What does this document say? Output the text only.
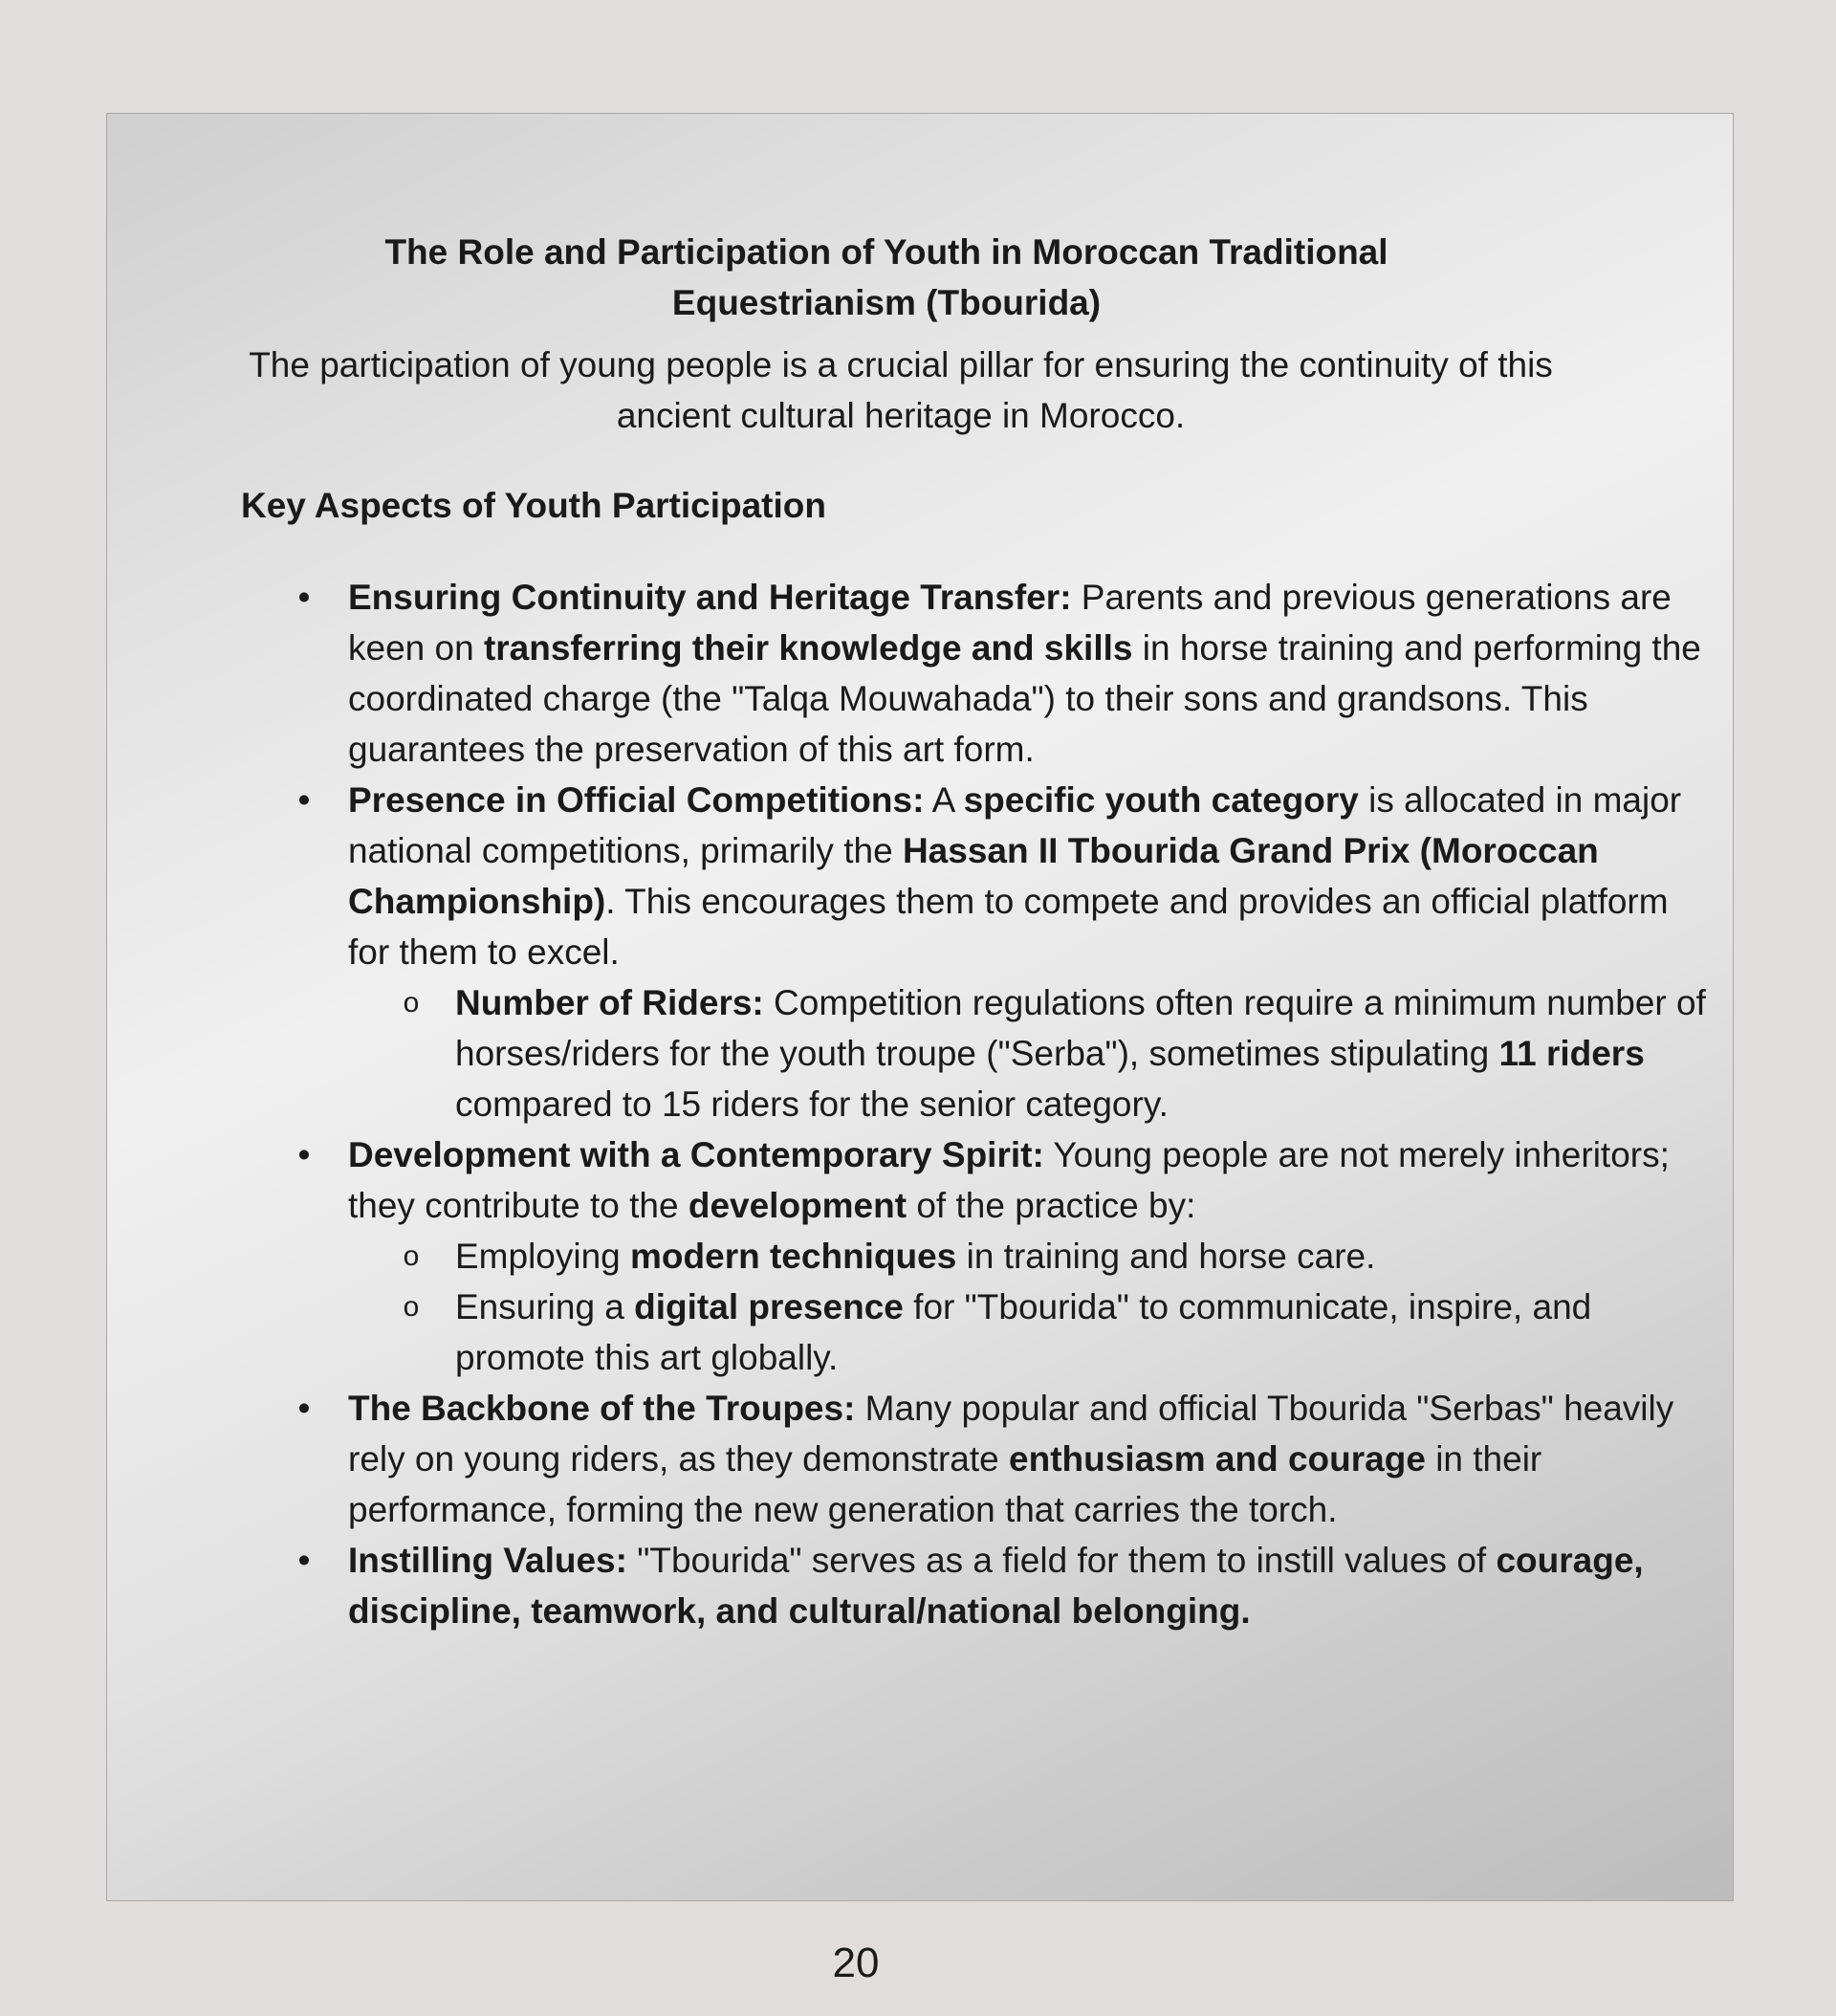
The Role and Participation of Youth in Moroccan Traditional Equestrianism (Tbourida)

The participation of young people is a crucial pillar for ensuring the continuity of this ancient cultural heritage in Morocco.

Key Aspects of Youth Participation
• Ensuring Continuity and Heritage Transfer: Parents and previous generations are keen on transferring their knowledge and skills in horse training and performing the coordinated charge (the "Talqa Mouwahada") to their sons and grandsons. This guarantees the preservation of this art form.
• Presence in Official Competitions: A specific youth category is allocated in major national competitions, primarily the Hassan II Tbourida Grand Prix (Moroccan Championship). This encourages them to compete and provides an official platform for them to excel.
o Number of Riders: Competition regulations often require a minimum number of horses/riders for the youth troupe ("Serba"), sometimes stipulating 11 riders compared to 15 riders for the senior category.
• Development with a Contemporary Spirit: Young people are not merely inheritors; they contribute to the development of the practice by:
o Employing modern techniques in training and horse care.
o Ensuring a digital presence for "Tbourida" to communicate, inspire, and promote this art globally.
• The Backbone of the Troupes: Many popular and official Tbourida "Serbas" heavily rely on young riders, as they demonstrate enthusiasm and courage in their performance, forming the new generation that carries the torch.
• Instilling Values: "Tbourida" serves as a field for them to instill values of courage, discipline, teamwork, and cultural/national belonging.
20
